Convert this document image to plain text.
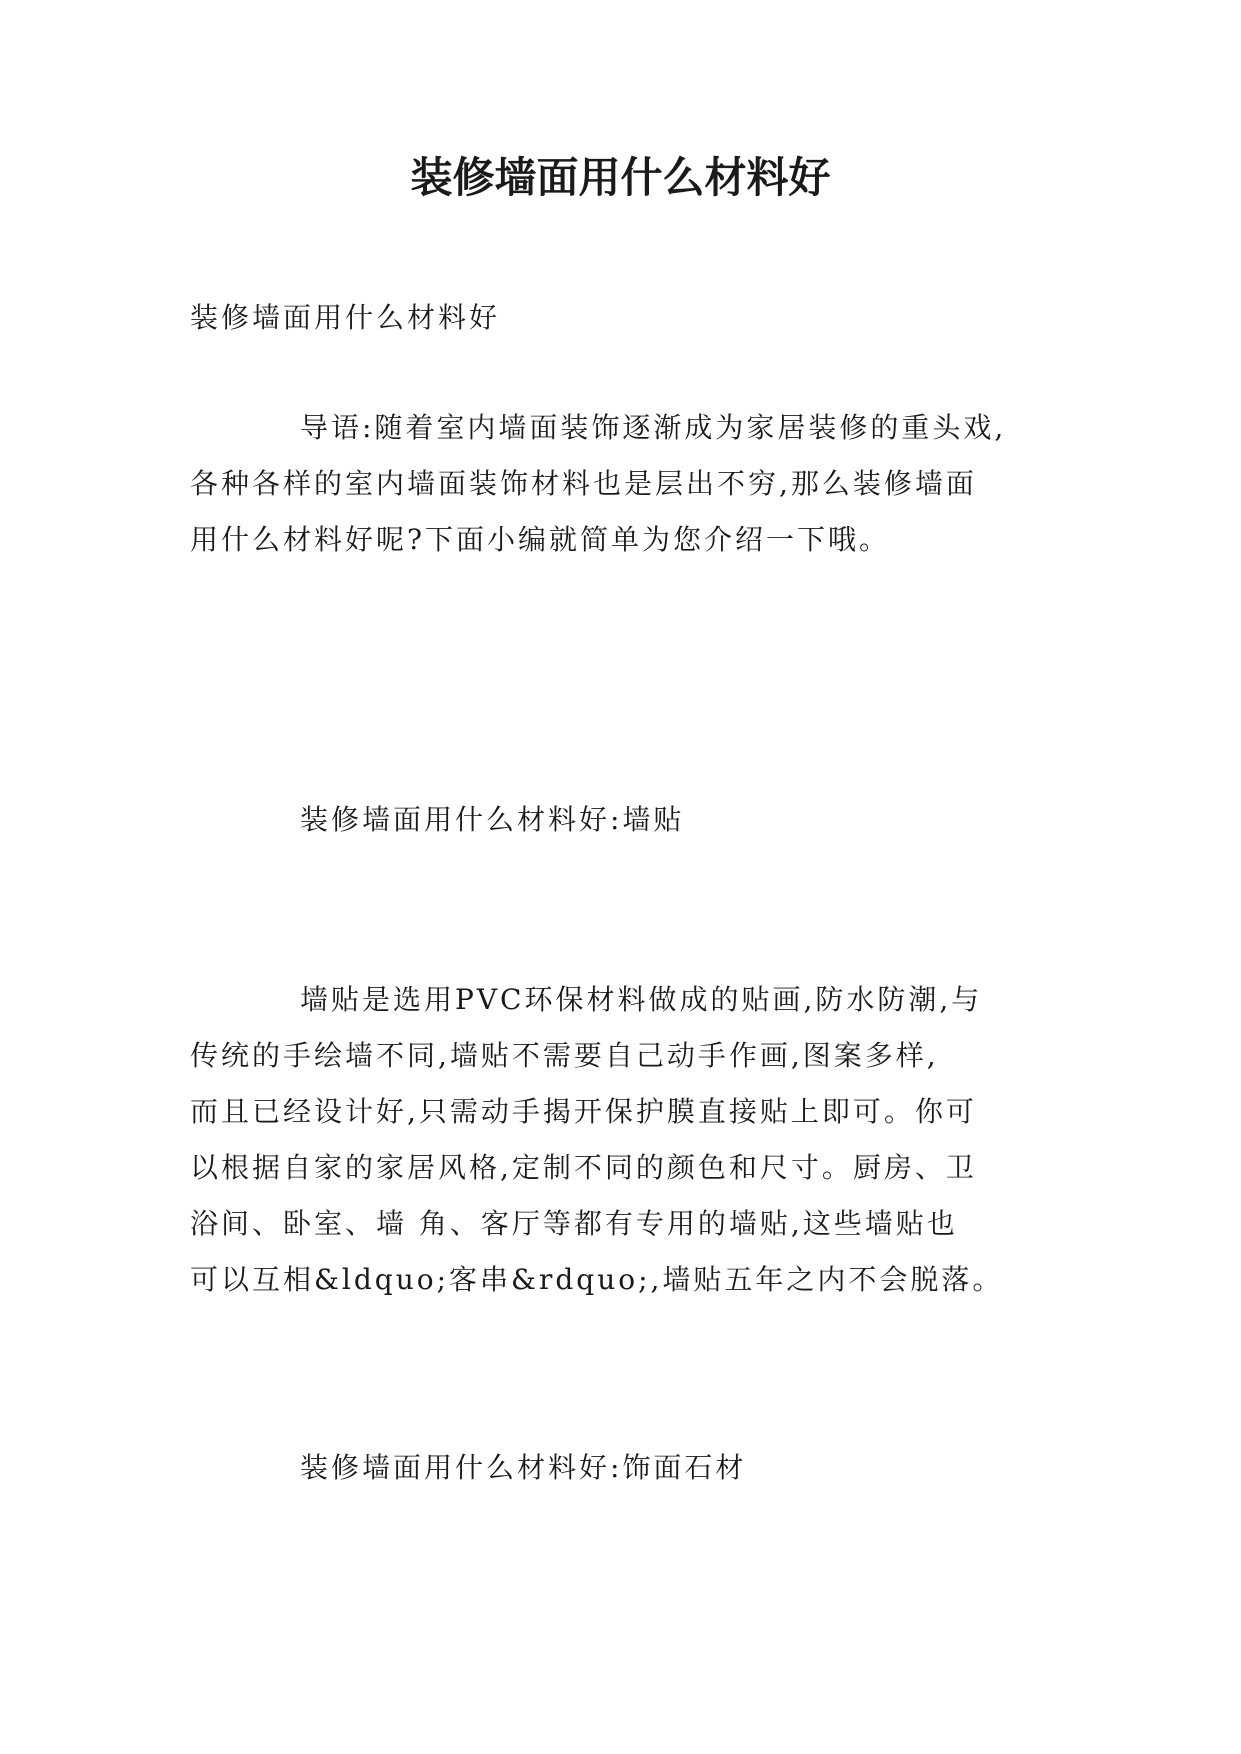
装修墙面用什么材料好
装修墙面用什么材料好
导语:随着室内墙面装饰逐渐成为家居装修的重头戏,
各种各样的室内墙面装饰材料也是层出不穷,那么装修墙面
用什么材料好呢?下面小编就简单为您介绍一下哦。
装修墙面用什么材料好:墙贴
墙贴是选用PVC环保材料做成的贴画,防水防潮,与
传统的手绘墙不同,墙贴不需要自己动手作画,图案多样,
而且已经设计好,只需动手揭开保护膜直接贴上即可。你可
以根据自家的家居风格,定制不同的颜色和尺寸。厨房、卫
浴间、卧室、墙 角、客厅等都有专用的墙贴,这些墙贴也
可以互相&ldquo;客串&rdquo;,墙贴五年之内不会脱落。
装修墙面用什么材料好:饰面石材
